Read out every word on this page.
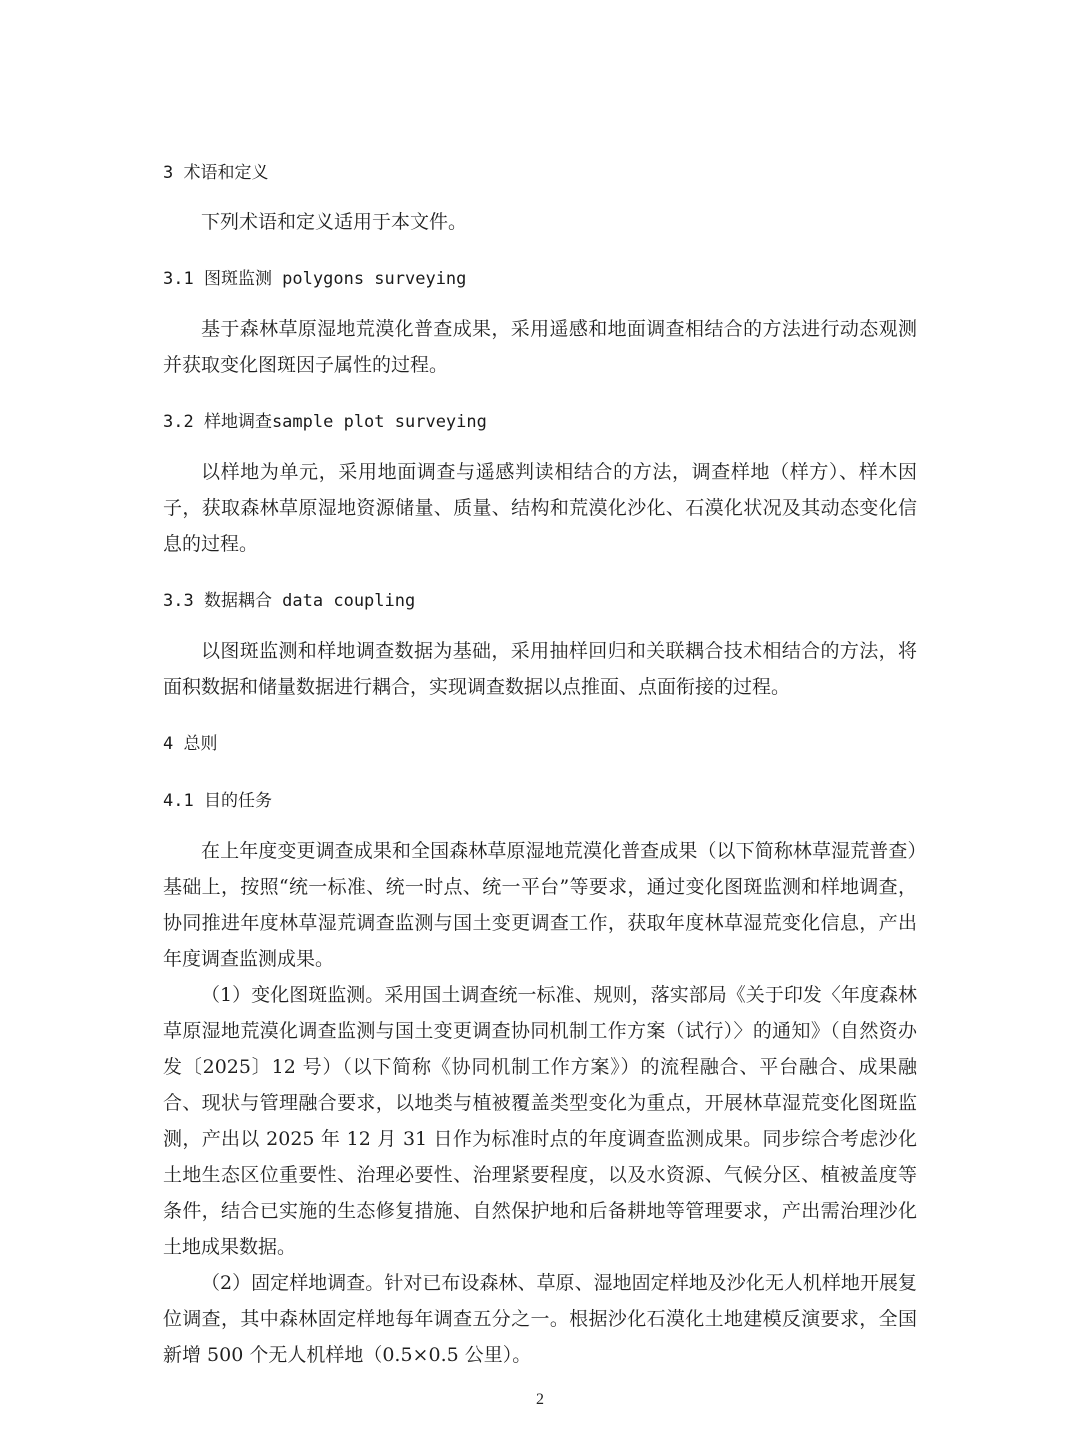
3 术语和定义

下列术语和定义适用于本文件。

3.1 图斑监测 polygons surveying

基于森林草原湿地荒漠化普查成果，采用遥感和地面调查相结合的方法进行动态观测并获取变化图斑因子属性的过程。

3.2 样地调查sample plot surveying

以样地为单元，采用地面调查与遥感判读相结合的方法，调查样地（样方）、样木因子，获取森林草原湿地资源储量、质量、结构和荒漠化沙化、石漠化状况及其动态变化信息的过程。

3.3 数据耦合 data coupling

以图斑监测和样地调查数据为基础，采用抽样回归和关联耦合技术相结合的方法，将面积数据和储量数据进行耦合，实现调查数据以点推面、点面衔接的过程。

4 总则
4.1 目的任务

在上年度变更调查成果和全国森林草原湿地荒漠化普查成果（以下简称林草湿荒普查）基础上，按照“统一标准、统一时点、统一平台”等要求，通过变化图斑监测和样地调查，协同推进年度林草湿荒调查监测与国土变更调查工作，获取年度林草湿荒变化信息，产出年度调查监测成果。

（1）变化图斑监测。采用国土调查统一标准、规则，落实部局《关于印发〈年度森林草原湿地荒漠化调查监测与国土变更调查协同机制工作方案（试行）〉的通知》（自然资办发〔2025〕12 号）（以下简称《协同机制工作方案》）的流程融合、平台融合、成果融合、现状与管理融合要求，以地类与植被覆盖类型变化为重点，开展林草湿荒变化图斑监测，产出以 2025 年 12 月 31 日作为标准时点的年度调查监测成果。同步综合考虑沙化土地生态区位重要性、治理必要性、治理紧要程度，以及水资源、气候分区、植被盖度等条件，结合已实施的生态修复措施、自然保护地和后备耕地等管理要求，产出需治理沙化土地成果数据。

（2）固定样地调查。针对已布设森林、草原、湿地固定样地及沙化无人机样地开展复位调查，其中森林固定样地每年调查五分之一。根据沙化石漠化土地建模反演要求，全国新增 500 个无人机样地（0.5×0.5 公里）。

2
